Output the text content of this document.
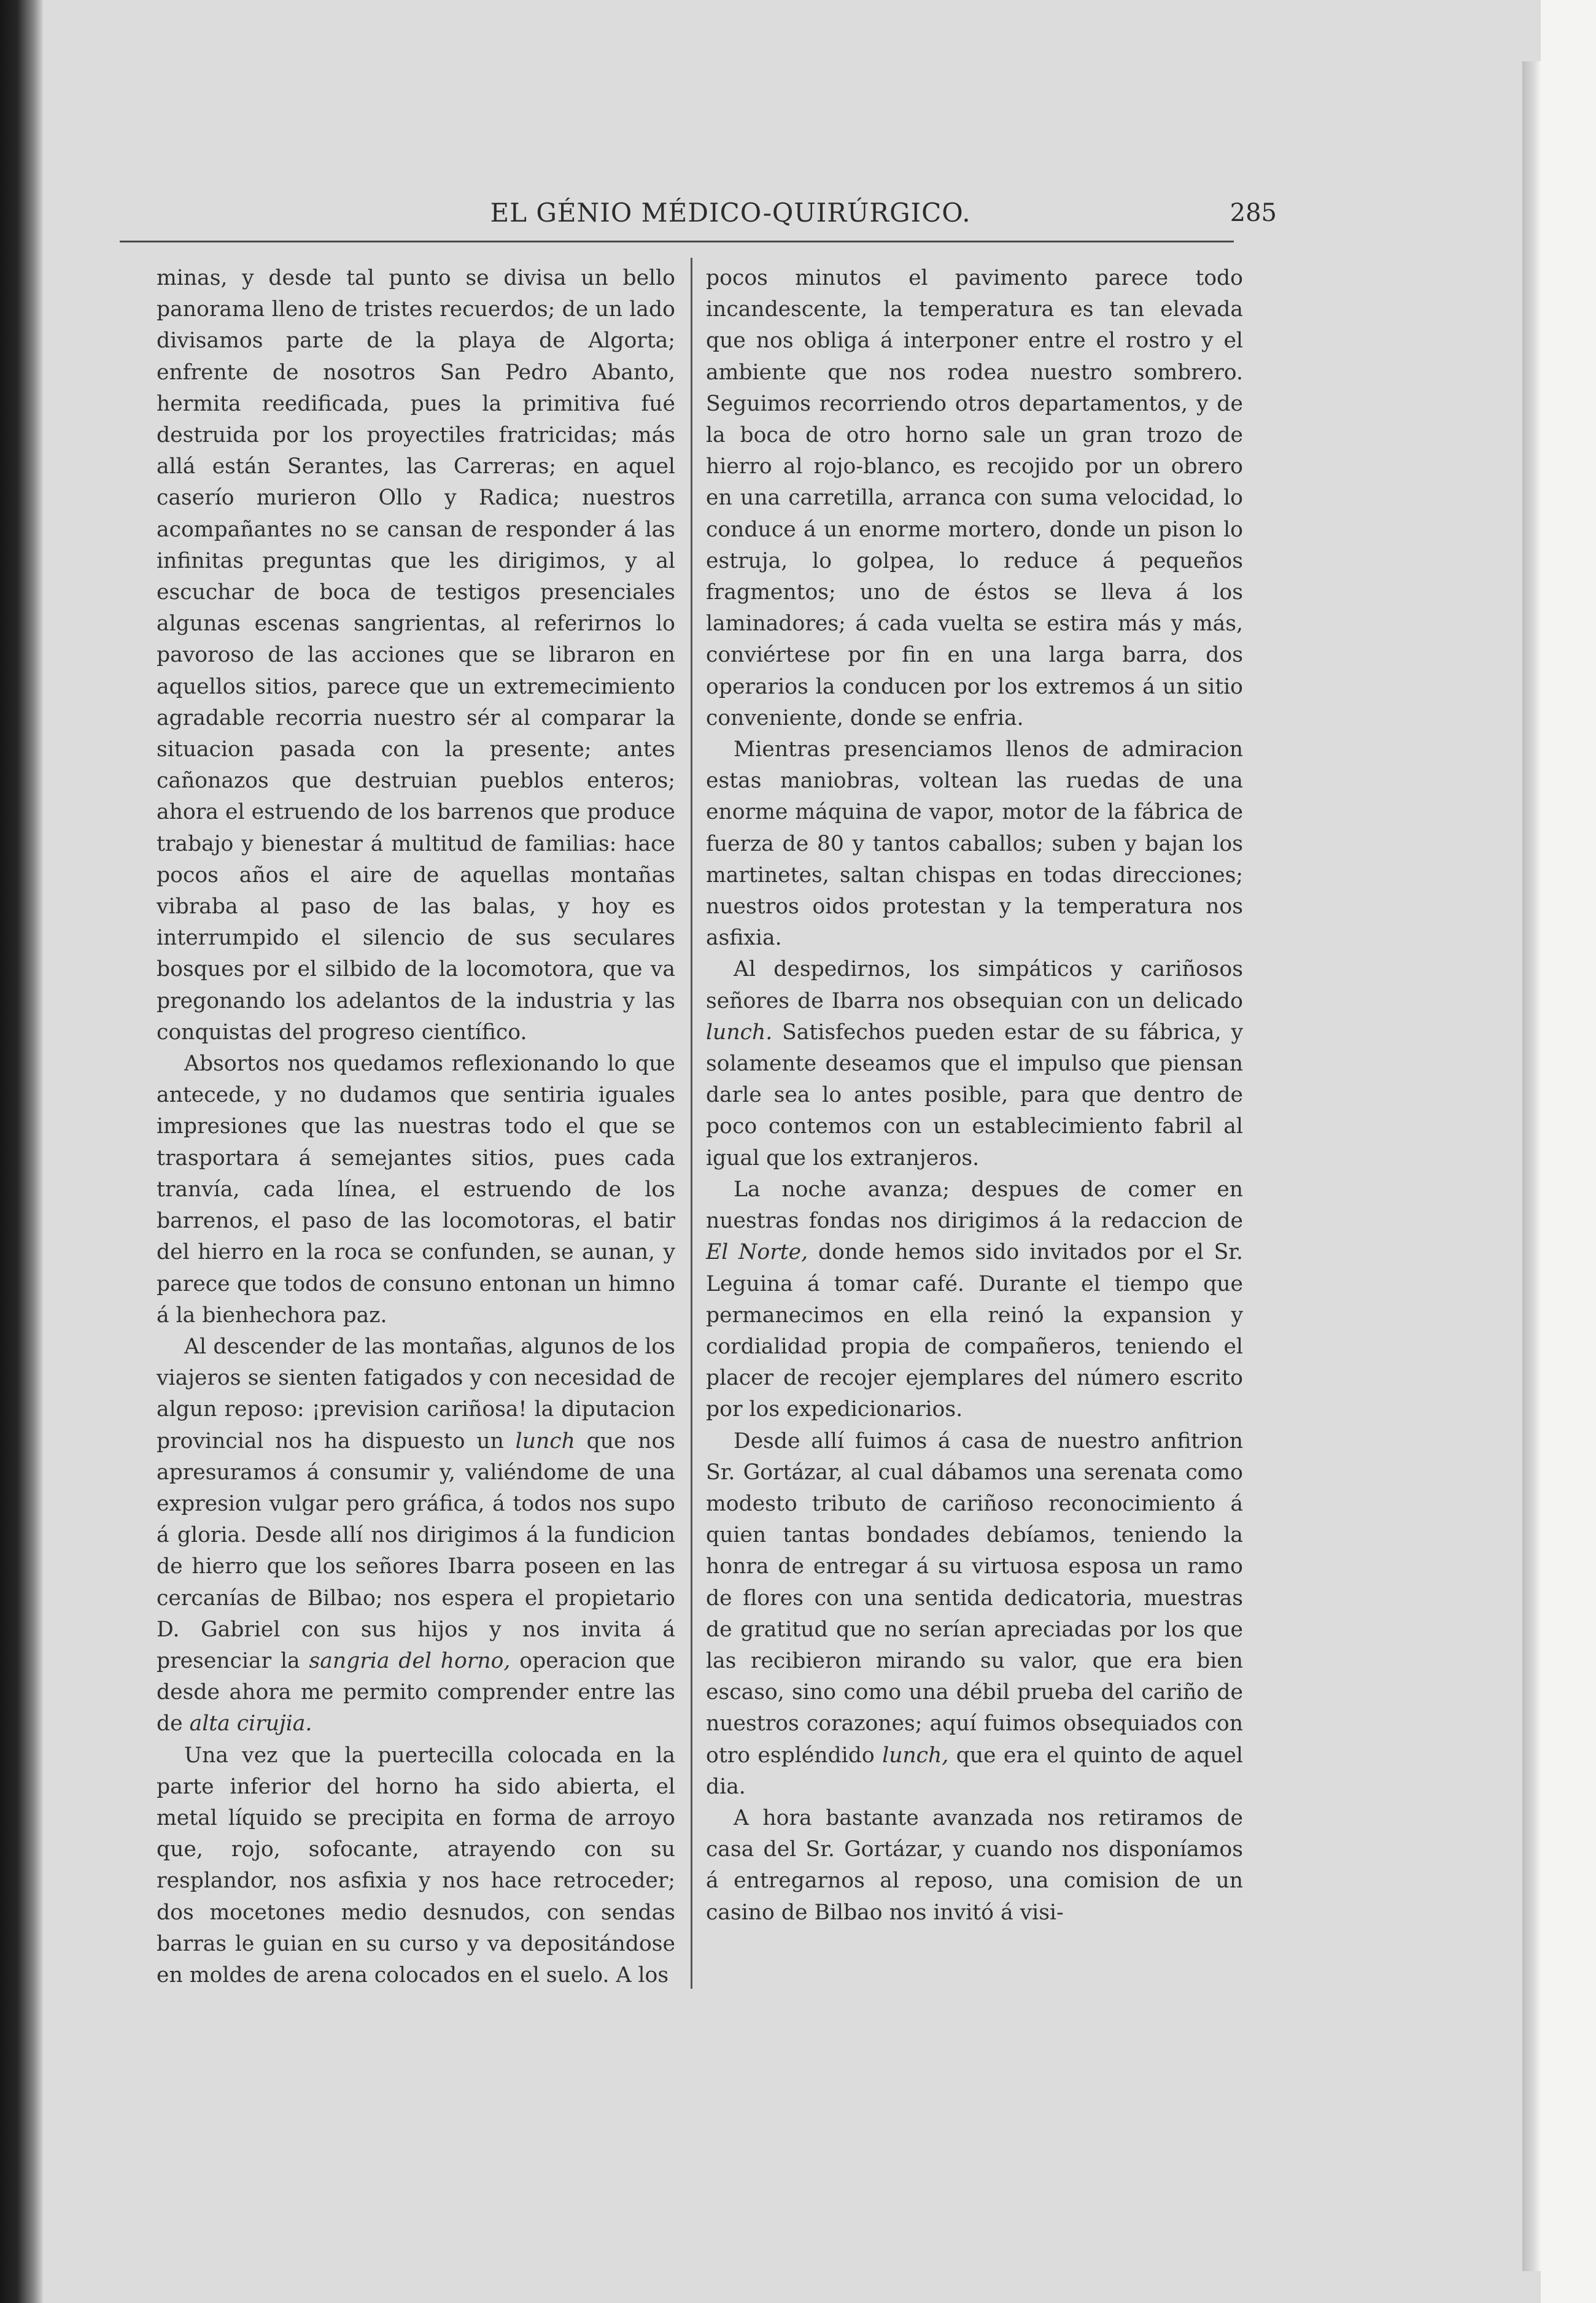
EL GÉNIO MÉDICO-QUIRÚRGICO.	285

minas, y desde tal punto se divisa un bello panorama lleno de tristes recuerdos; de un lado divisamos parte de la playa de Algorta; enfrente de nosotros San Pedro Abanto, hermita reedificada, pues la primitiva fué destruida por los proyectiles fratricidas; más allá están Serantes, las Carreras; en aquel caserío murieron Ollo y Radica; nuestros acompañantes no se cansan de responder á las infinitas preguntas que les dirigimos, y al escuchar de boca de testigos presenciales algunas escenas sangrientas, al referirnos lo pavoroso de las acciones que se libraron en aquellos sitios, parece que un extremecimiento agradable recorria nuestro sér al comparar la situacion pasada con la presente; antes cañonazos que destruian pueblos enteros; ahora el estruendo de los barrenos que produce trabajo y bienestar á multitud de familias: hace pocos años el aire de aquellas montañas vibraba al paso de las balas, y hoy es interrumpido el silencio de sus seculares bosques por el silbido de la locomotora, que va pregonando los adelantos de la industria y las conquistas del progreso científico.

Absortos nos quedamos reflexionando lo que antecede, y no dudamos que sentiria iguales impresiones que las nuestras todo el que se trasportara á semejantes sitios, pues cada tranvía, cada línea, el estruendo de los barrenos, el paso de las locomotoras, el batir del hierro en la roca se confunden, se aunan, y parece que todos de consuno entonan un himno á la bienhechora paz.

Al descender de las montañas, algunos de los viajeros se sienten fatigados y con necesidad de algun reposo: ¡prevision cariñosa! la diputacion provincial nos ha dispuesto un lunch que nos apresuramos á consumir y, valiéndome de una expresion vulgar pero gráfica, á todos nos supo á gloria. Desde allí nos dirigimos á la fundicion de hierro que los señores Ibarra poseen en las cercanías de Bilbao; nos espera el propietario D. Gabriel con sus hijos y nos invita á presenciar la sangria del horno, operacion que desde ahora me permito comprender entre las de alta cirujia.

Una vez que la puertecilla colocada en la parte inferior del horno ha sido abierta, el metal líquido se precipita en forma de arroyo que, rojo, sofocante, atrayendo con su resplandor, nos asfixia y nos hace retroceder; dos mocetones medio desnudos, con sendas barras le guian en su curso y va depositándose en moldes de arena colocados en el suelo. A los

pocos minutos el pavimento parece todo incandescente, la temperatura es tan elevada que nos obliga á interponer entre el rostro y el ambiente que nos rodea nuestro sombrero. Seguimos recorriendo otros departamentos, y de la boca de otro horno sale un gran trozo de hierro al rojo-blanco, es recojido por un obrero en una carretilla, arranca con suma velocidad, lo conduce á un enorme mortero, donde un pison lo estruja, lo golpea, lo reduce á pequeños fragmentos; uno de éstos se lleva á los laminadores; á cada vuelta se estira más y más, conviértese por fin en una larga barra, dos operarios la conducen por los extremos á un sitio conveniente, donde se enfria.

Mientras presenciamos llenos de admiracion estas maniobras, voltean las ruedas de una enorme máquina de vapor, motor de la fábrica de fuerza de 80 y tantos caballos; suben y bajan los martinetes, saltan chispas en todas direcciones; nuestros oidos protestan y la temperatura nos asfixia.

Al despedirnos, los simpáticos y cariñosos señores de Ibarra nos obsequian con un delicado lunch. Satisfechos pueden estar de su fábrica, y solamente deseamos que el impulso que piensan darle sea lo antes posible, para que dentro de poco contemos con un establecimiento fabril al igual que los extranjeros.

La noche avanza; despues de comer en nuestras fondas nos dirigimos á la redaccion de El Norte, donde hemos sido invitados por el Sr. Leguina á tomar café. Durante el tiempo que permanecimos en ella reinó la expansion y cordialidad propia de compañeros, teniendo el placer de recojer ejemplares del número escrito por los expedicionarios.

Desde allí fuimos á casa de nuestro anfitrion Sr. Gortázar, al cual dábamos una serenata como modesto tributo de cariñoso reconocimiento á quien tantas bondades debíamos, teniendo la honra de entregar á su virtuosa esposa un ramo de flores con una sentida dedicatoria, muestras de gratitud que no serían apreciadas por los que las recibieron mirando su valor, que era bien escaso, sino como una débil prueba del cariño de nuestros corazones; aquí fuimos obsequiados con otro espléndido lunch, que era el quinto de aquel dia.

A hora bastante avanzada nos retiramos de casa del Sr. Gortázar, y cuando nos disponíamos á entregarnos al reposo, una comision de un casino de Bilbao nos invitó á visi-
